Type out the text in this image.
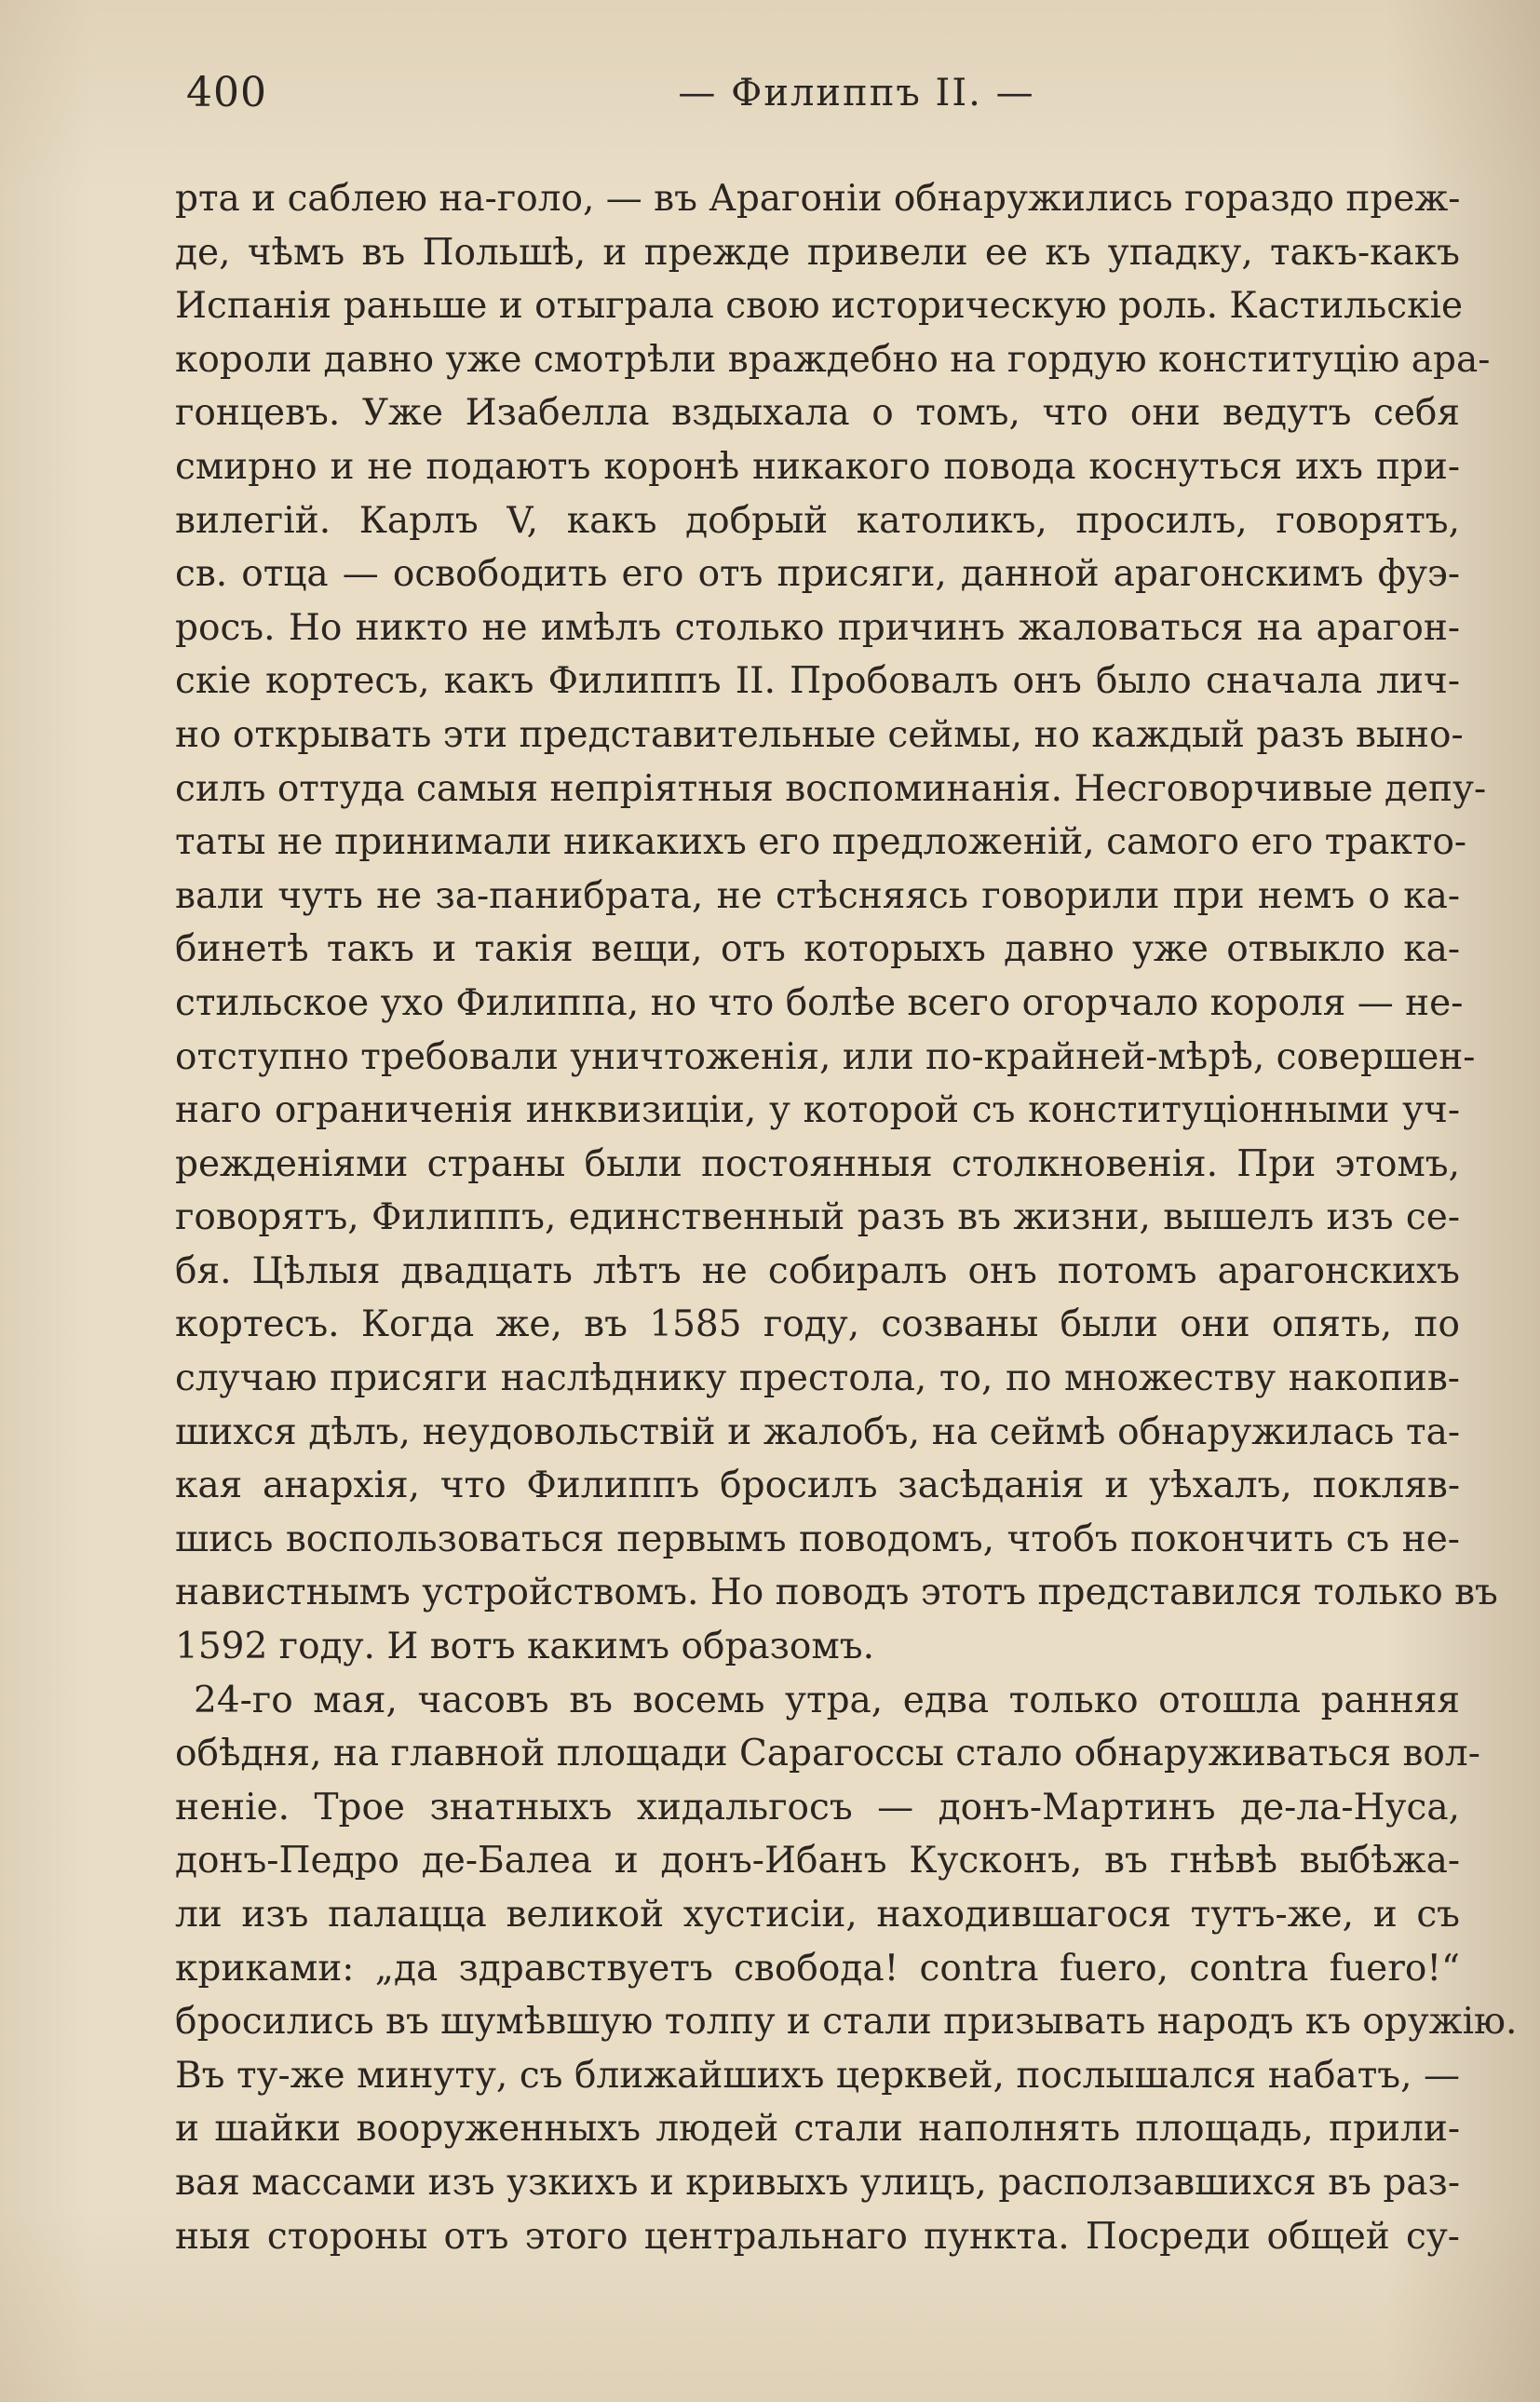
400	— Филиппъ II. —
рта и саблею на-голо, — въ Арагоніи обнаружились гораздо преж-
де, чѣмъ въ Польшѣ, и прежде привели ее къ упадку, такъ-какъ
Испанія раньше и отыграла свою историческую роль. Кастильскіе
короли давно уже смотрѣли враждебно на гордую конституцію ара-
гонцевъ. Уже Изабелла вздыхала о томъ, что они ведутъ себя
смирно и не подаютъ коронѣ никакого повода коснуться ихъ при-
вилегій. Карлъ V, какъ добрый католикъ, просилъ, говорятъ,
св. отца — освободить его отъ присяги, данной арагонскимъ фуэ-
росъ. Но никто не имѣлъ столько причинъ жаловаться на арагон-
скіе кортесъ, какъ Филиппъ II. Пробовалъ онъ было сначала лич-
но открывать эти представительные сеймы, но каждый разъ выно-
силъ оттуда самыя непріятныя воспоминанія. Несговорчивые депу-
таты не принимали никакихъ его предложеній, самого его тракто-
вали чуть не за-панибрата, не стѣсняясь говорили при немъ о ка-
бинетѣ такъ и такія вещи, отъ которыхъ давно уже отвыкло ка-
стильское ухо Филиппа, но что болѣе всего огорчало короля — не-
отступно требовали уничтоженія, или по-крайней-мѣрѣ, совершен-
наго ограниченія инквизиціи, у которой съ конституціонными уч-
режденіями страны были постоянныя столкновенія. При этомъ,
говорятъ, Филиппъ, единственный разъ въ жизни, вышелъ изъ се-
бя. Цѣлыя двадцать лѣтъ не собиралъ онъ потомъ арагонскихъ
кортесъ. Когда же, въ 1585 году, созваны были они опять, по
случаю присяги наслѣднику престола, то, по множеству накопив-
шихся дѣлъ, неудовольствій и жалобъ, на сеймѣ обнаружилась та-
кая анархія, что Филиппъ бросилъ засѣданія и уѣхалъ, покляв-
шись воспользоваться первымъ поводомъ, чтобъ покончить съ не-
навистнымъ устройствомъ. Но поводъ этотъ представился только въ
1592 году. И вотъ какимъ образомъ.
24-го мая, часовъ въ восемь утра, едва только отошла ранняя
обѣдня, на главной площади Сарагоссы стало обнаруживаться вол-
неніе. Трое знатныхъ хидальгосъ — донъ-Мартинъ де-ла-Нуса,
донъ-Педро де-Балеа и донъ-Ибанъ Кусконъ, въ гнѣвѣ выбѣжа-
ли изъ палацца великой хустисіи, находившагося тутъ-же, и съ
криками: „да здравствуетъ свобода! contra fuero, contra fuero!“
бросились въ шумѣвшую толпу и стали призывать народъ къ оружію.
Въ ту-же минуту, съ ближайшихъ церквей, послышался набатъ, —
и шайки вооруженныхъ людей стали наполнять площадь, прили-
вая массами изъ узкихъ и кривыхъ улицъ, расползавшихся въ раз-
ныя стороны отъ этого центральнаго пункта. Посреди общей су-
